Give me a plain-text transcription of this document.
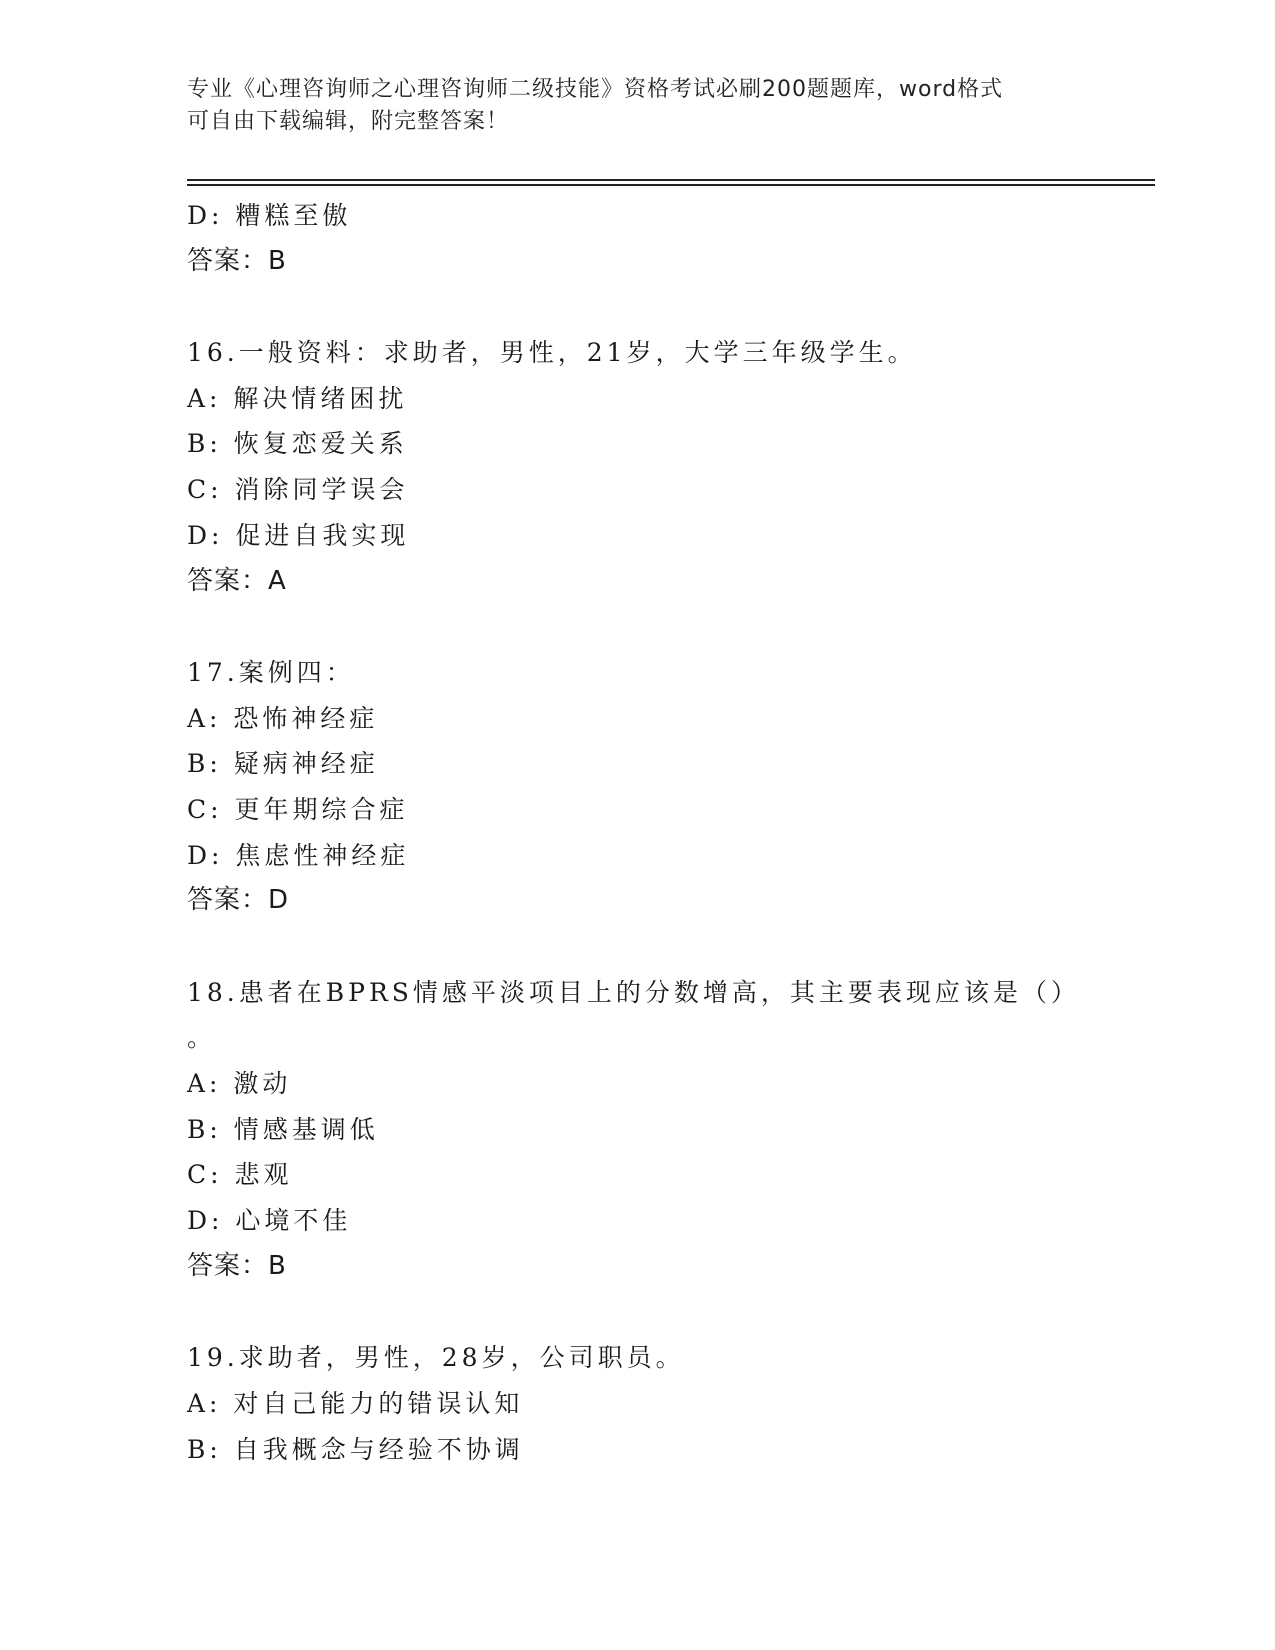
专业《心理咨询师之心理咨询师二级技能》资格考试必刷200题题库，word格式
可自由下载编辑，附完整答案！
D: 糟糕至傲
答案：B
16.一般资料：求助者，男性，21岁，大学三年级学生。
A: 解决情绪困扰
B: 恢复恋爱关系
C: 消除同学误会
D: 促进自我实现
答案：A
17.案例四：
A: 恐怖神经症
B: 疑病神经症
C: 更年期综合症
D: 焦虑性神经症
答案：D
18.患者在BPRS情感平淡项目上的分数增高，其主要表现应该是（）
。
A: 激动
B: 情感基调低
C: 悲观
D: 心境不佳
答案：B
19.求助者，男性，28岁，公司职员。
A: 对自己能力的错误认知
B: 自我概念与经验不协调
